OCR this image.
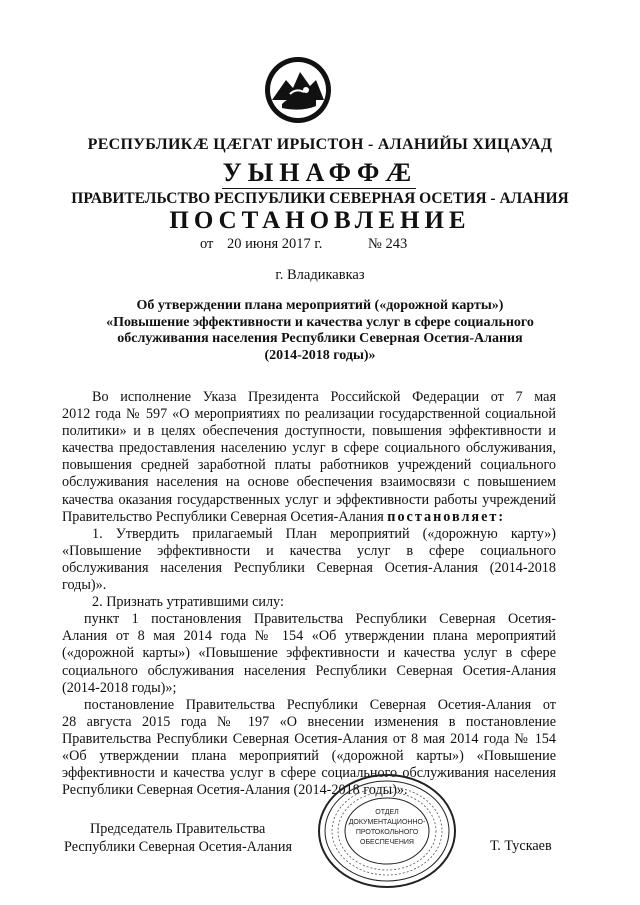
РЕСПУБЛИКÆ ЦÆГАТ ИРЫСТОН - АЛАНИЙЫ ХИЦАУАД
УЫНАФФÆ
ПРАВИТЕЛЬСТВО РЕСПУБЛИКИ СЕВЕРНАЯ ОСЕТИЯ - АЛАНИЯ
ПОСТАНОВЛЕНИЕ
от 20 июня 2017 г.	№ 243
г. Владикавказ
Об утверждении плана мероприятий («дорожной карты»)
«Повышение эффективности и качества услуг в сфере социального
обслуживания населения Республики Северная Осетия-Алания
(2014-2018 годы)»
Во исполнение Указа Президента Российской Федерации от 7 мая
2012 года № 597 «О мероприятиях по реализации государственной социальной
политики» и в целях обеспечения доступности, повышения эффективности и
качества предоставления населению услуг в сфере социального обслуживания,
повышения средней заработной платы работников учреждений социального
обслуживания населения на основе обеспечения взаимосвязи с повышением
качества оказания государственных услуг и эффективности работы учреждений
Правительство Республики Северная Осетия-Алания постановляет:
1. Утвердить прилагаемый План мероприятий («дорожную карту»)
«Повышение эффективности и качества услуг в сфере социального
обслуживания населения Республики Северная Осетия-Алания (2014-2018
годы)».
2. Признать утратившими силу:
пункт 1 постановления Правительства Республики Северная Осетия-
Алания от 8 мая 2014 года № 154 «Об утверждении плана мероприятий
(«дорожной карты») «Повышение эффективности и качества услуг в сфере
социального обслуживания населения Республики Северная Осетия-Алания
(2014-2018 годы)»;
постановление Правительства Республики Северная Осетия-Алания от
28 августа 2015 года № 197 «О внесении изменения в постановление
Правительства Республики Северная Осетия-Алания от 8 мая 2014 года № 154
«Об утверждении плана мероприятий («дорожной карты») «Повышение
эффективности и качества услуг в сфере социального обслуживания населения
Республики Северная Осетия-Алания (2014-2018 годы)».
ОТДЕЛ
ДОКУМЕНТАЦИОННО-
ПРОТОКОЛЬНОГО
ОБЕСПЕЧЕНИЯ
Председатель Правительства
Республики Северная Осетия-Алания	Т. Тускаев
